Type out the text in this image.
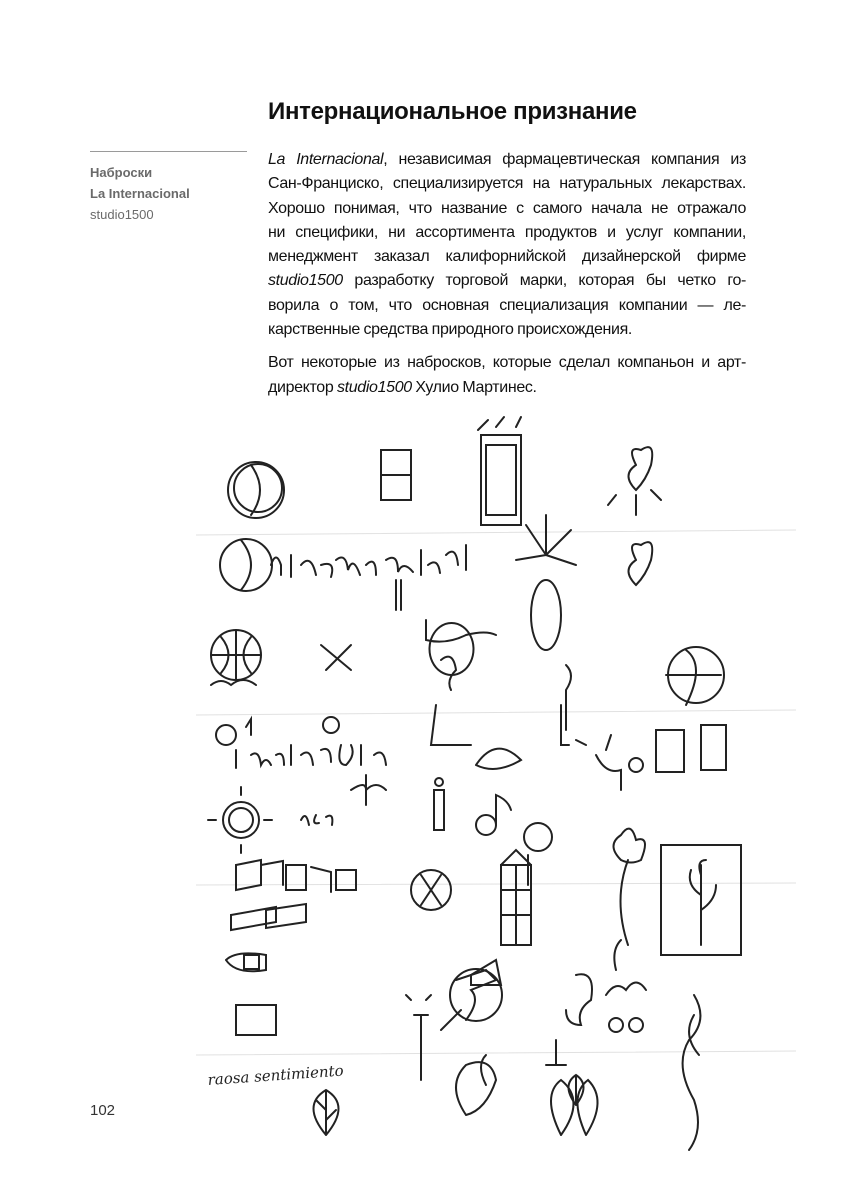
Интернациональное признание
Наброски
La Internacional
studio1500
La Internacional, независимая фармацевтическая компания из
Сан-Франциско, специализируется на натуральных лекарствах.
Хорошо понимая, что название с самого начала не отражало
ни специфики, ни ассортимента продуктов и услуг компании,
менеджмент заказал калифорнийской дизайнерской фирме
studio1500 разработку торговой марки, которая бы четко го-
ворила о том, что основная специализация компании — ле-
карственные средства природного происхождения.
Вот некоторые из набросков, которые сделал компаньон и арт-
директор studio1500 Хулио Мартинес.
raosa sentimiento
102
